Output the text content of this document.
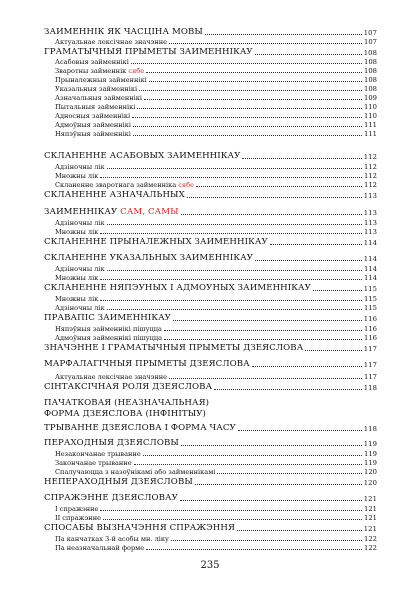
ЗАЙМЕННІК ЯК ЧАСЦІНА МОВЫ	107
Актуальнае лексічнае значэнне	107
ГРАМАТЫЧНЫЯ ПРЫМЕТЫ ЗАЙМЕННІКАЎ	108
Асабовыя займеннікі	108
Зваротны займеннік сябе	108
Прыналежныя займеннікі	108
Указальныя займеннікі	108
Азначальныя займеннікі	109
Пытальныя займеннікі	110
Адносныя займеннікі	110
Адмоўныя займеннікі	111
Няпэўныя займеннікі	111
СКЛАНЕННЕ АСАБОВЫХ ЗАЙМЕННІКАЎ	112
Адзіночны лік	112
Множны лік	112
Скланенне зваротнага займенніка сябе	112
СКЛАНЕННЕ АЗНАЧАЛЬНЫХ	113
ЗАЙМЕННІКАЎ САМ, САМЫ	113
Адзіночны лік	113
Множны лік	113
СКЛАНЕННЕ ПРЫНАЛЕЖНЫХ ЗАЙМЕННІКАЎ	114
СКЛАНЕННЕ ЎКАЗАЛЬНЫХ ЗАЙМЕННІКАЎ	114
Адзіночны лік	114
Множны лік	114
СКЛАНЕННЕ НЯПЭЎНЫХ І АДМОЎНЫХ ЗАЙМЕННІКАЎ	115
Множны лік	115
Адзіночны лік	115
ПРАВАПІС ЗАЙМЕННІКАЎ	116
Няпэўныя займеннікі пішуцца	116
Адмоўныя займеннікі пішуцца	116
ЗНАЧЭННЕ І ГРАМАТЫЧНЫЯ ПРЫМЕТЫ ДЗЕЯСЛОВА	117
МАРФАЛАГІЧНЫЯ ПРЫМЕТЫ ДЗЕЯСЛОВА	117
Актуальнае лексічнае значэнне	117
СІНТАКСІЧНАЯ РОЛЯ ДЗЕЯСЛОВА	118
ПАЧАТКОВАЯ (НЕАЗНАЧАЛЬНАЯ)
ФОРМА ДЗЕЯСЛОВА (ІНФІНІТЫЎ)
ТРЫВАННЕ ДЗЕЯСЛОВА І ФОРМА ЧАСУ	118
ПЕРАХОДНЫЯ ДЗЕЯСЛОВЫ	119
Незакончанае трыванне	119
Закончанае трыванне	119
Спалучаюцца з назоўнікамі або займеннікамі	120
НЕПЕРАХОДНЫЯ ДЗЕЯСЛОВЫ	120
СПРАЖЭННЕ ДЗЕЯСЛОВАЎ	121
І спражэнне	121
ІІ спражэнне	121
СПОСАБЫ ВЫЗНАЧЭННЯ СПРАЖЭННЯ	121
Па канчатках 3-й асобы мн. ліку	122
Па неазначальнай форме	122
235
